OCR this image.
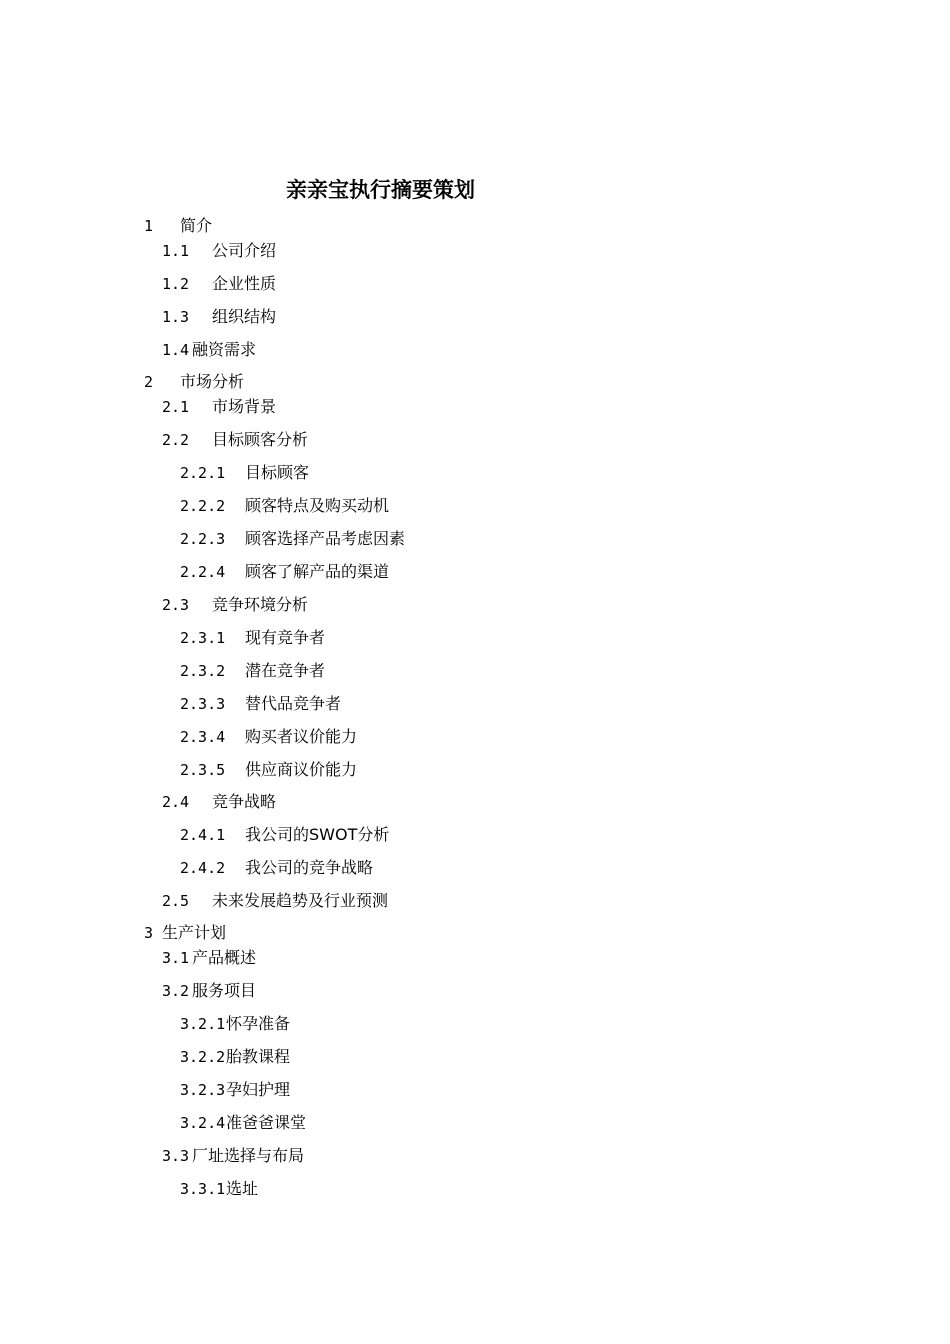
亲亲宝执行摘要策划
1 简介
1.1 公司介绍
1.2 企业性质
1.3 组织结构
1.4 融资需求
2 市场分析
2.1 市场背景
2.2 目标顾客分析
2.2.1 目标顾客
2.2.2 顾客特点及购买动机
2.2.3 顾客选择产品考虑因素
2.2.4 顾客了解产品的渠道
2.3 竞争环境分析
2.3.1 现有竞争者
2.3.2 潜在竞争者
2.3.3 替代品竞争者
2.3.4 购买者议价能力
2.3.5 供应商议价能力
2.4 竞争战略
2.4.1 我公司的SWOT分析
2.4.2 我公司的竞争战略
2.5 未来发展趋势及行业预测
3 生产计划
3.1 产品概述
3.2 服务项目
3.2.1怀孕准备
3.2.2胎教课程
3.2.3孕妇护理
3.2.4准爸爸课堂
3.3 厂址选择与布局
3.3.1选址
